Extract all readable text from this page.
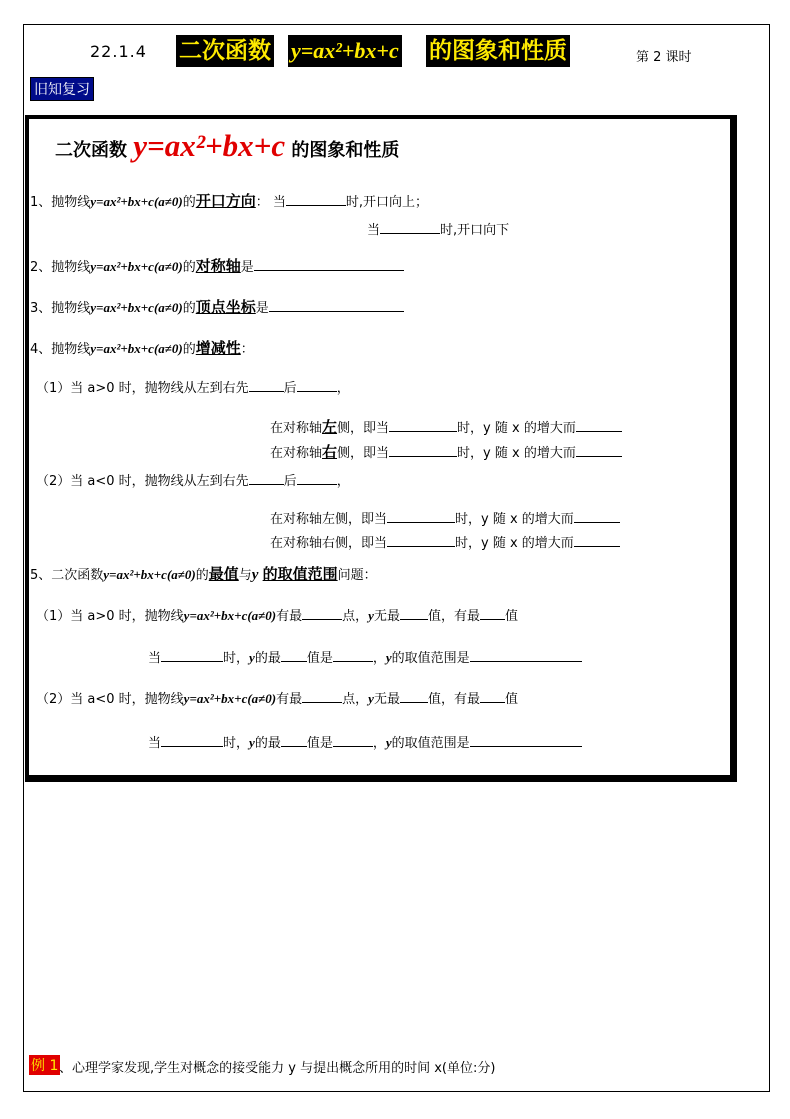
22.1.4 二次函数 y=ax²+bx+c 的图象和性质	第 2 课时
旧知复习
二次函数 y=ax²+bx+c 的图象和性质
1、抛物线y=ax²+bx+c(a≠0)的开口方向： 当	时,开口向上；
当	时,开口向下
2、抛物线y=ax²+bx+c(a≠0)的对称轴是
3、抛物线y=ax²+bx+c(a≠0)的顶点坐标是
4、抛物线y=ax²+bx+c(a≠0)的增减性：
（1）当 a>0 时，抛物线从左到右先	后	，
在对称轴左侧，即当	时，y 随 x 的增大而
在对称轴右侧，即当	时，y 随 x 的增大而
（2）当 a<0 时，抛物线从左到右先	后	，
在对称轴左侧，即当	时，y 随 x 的增大而
在对称轴右侧，即当	时，y 随 x 的增大而
5、二次函数y=ax²+bx+c(a≠0)的最值与y 的取值范围问题：
（1）当 a>0 时，抛物线y=ax²+bx+c(a≠0)有最	点，y无最 值，有最 值
当	时，y的最 值是	，y的取值范围是
（2）当 a<0 时，抛物线y=ax²+bx+c(a≠0)有最	点，y无最 值，有最 值
当	时，y的最 值是	，y的取值范围是
例 1 、心理学家发现,学生对概念的接受能力 y 与提出概念所用的时间 x(单位:分)
